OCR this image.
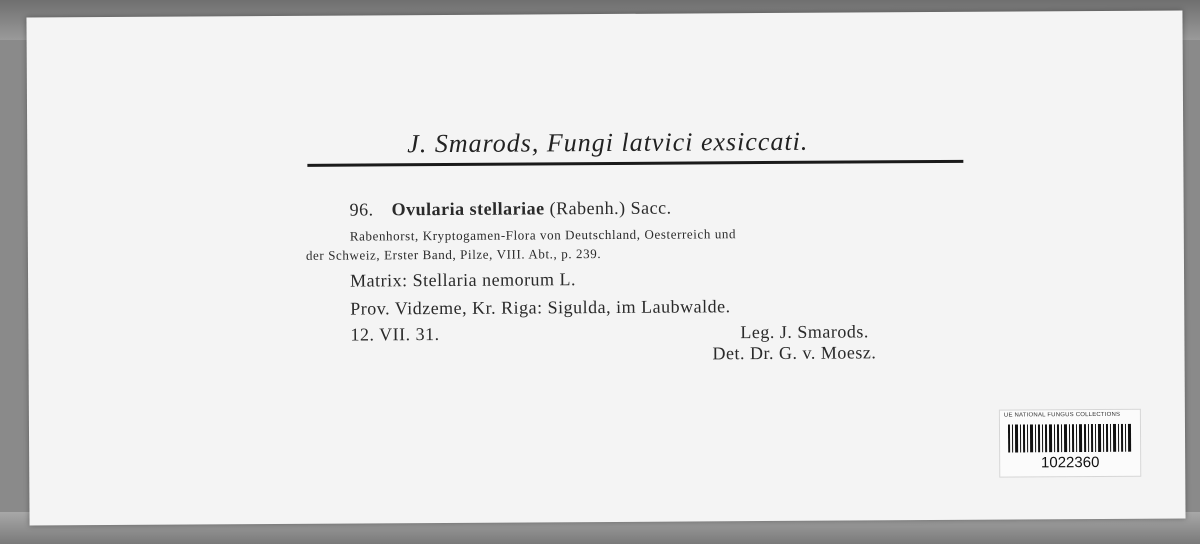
J. Smarods, Fungi latvici exsiccati.
96. Ovularia stellariae (Rabenh.) Sacc.
Rabenhorst, Kryptogamen-Flora von Deutschland, Oesterreich und
der Schweiz, Erster Band, Pilze, VIII. Abt., p. 239.
Matrix: Stellaria nemorum L.
Prov. Vidzeme, Kr. Riga: Sigulda, im Laubwalde.
12. VII. 31.	Leg. J. Smarods.
Det. Dr. G. v. Moesz.
UE NATIONAL FUNGUS COLLECTIONS
1022360
